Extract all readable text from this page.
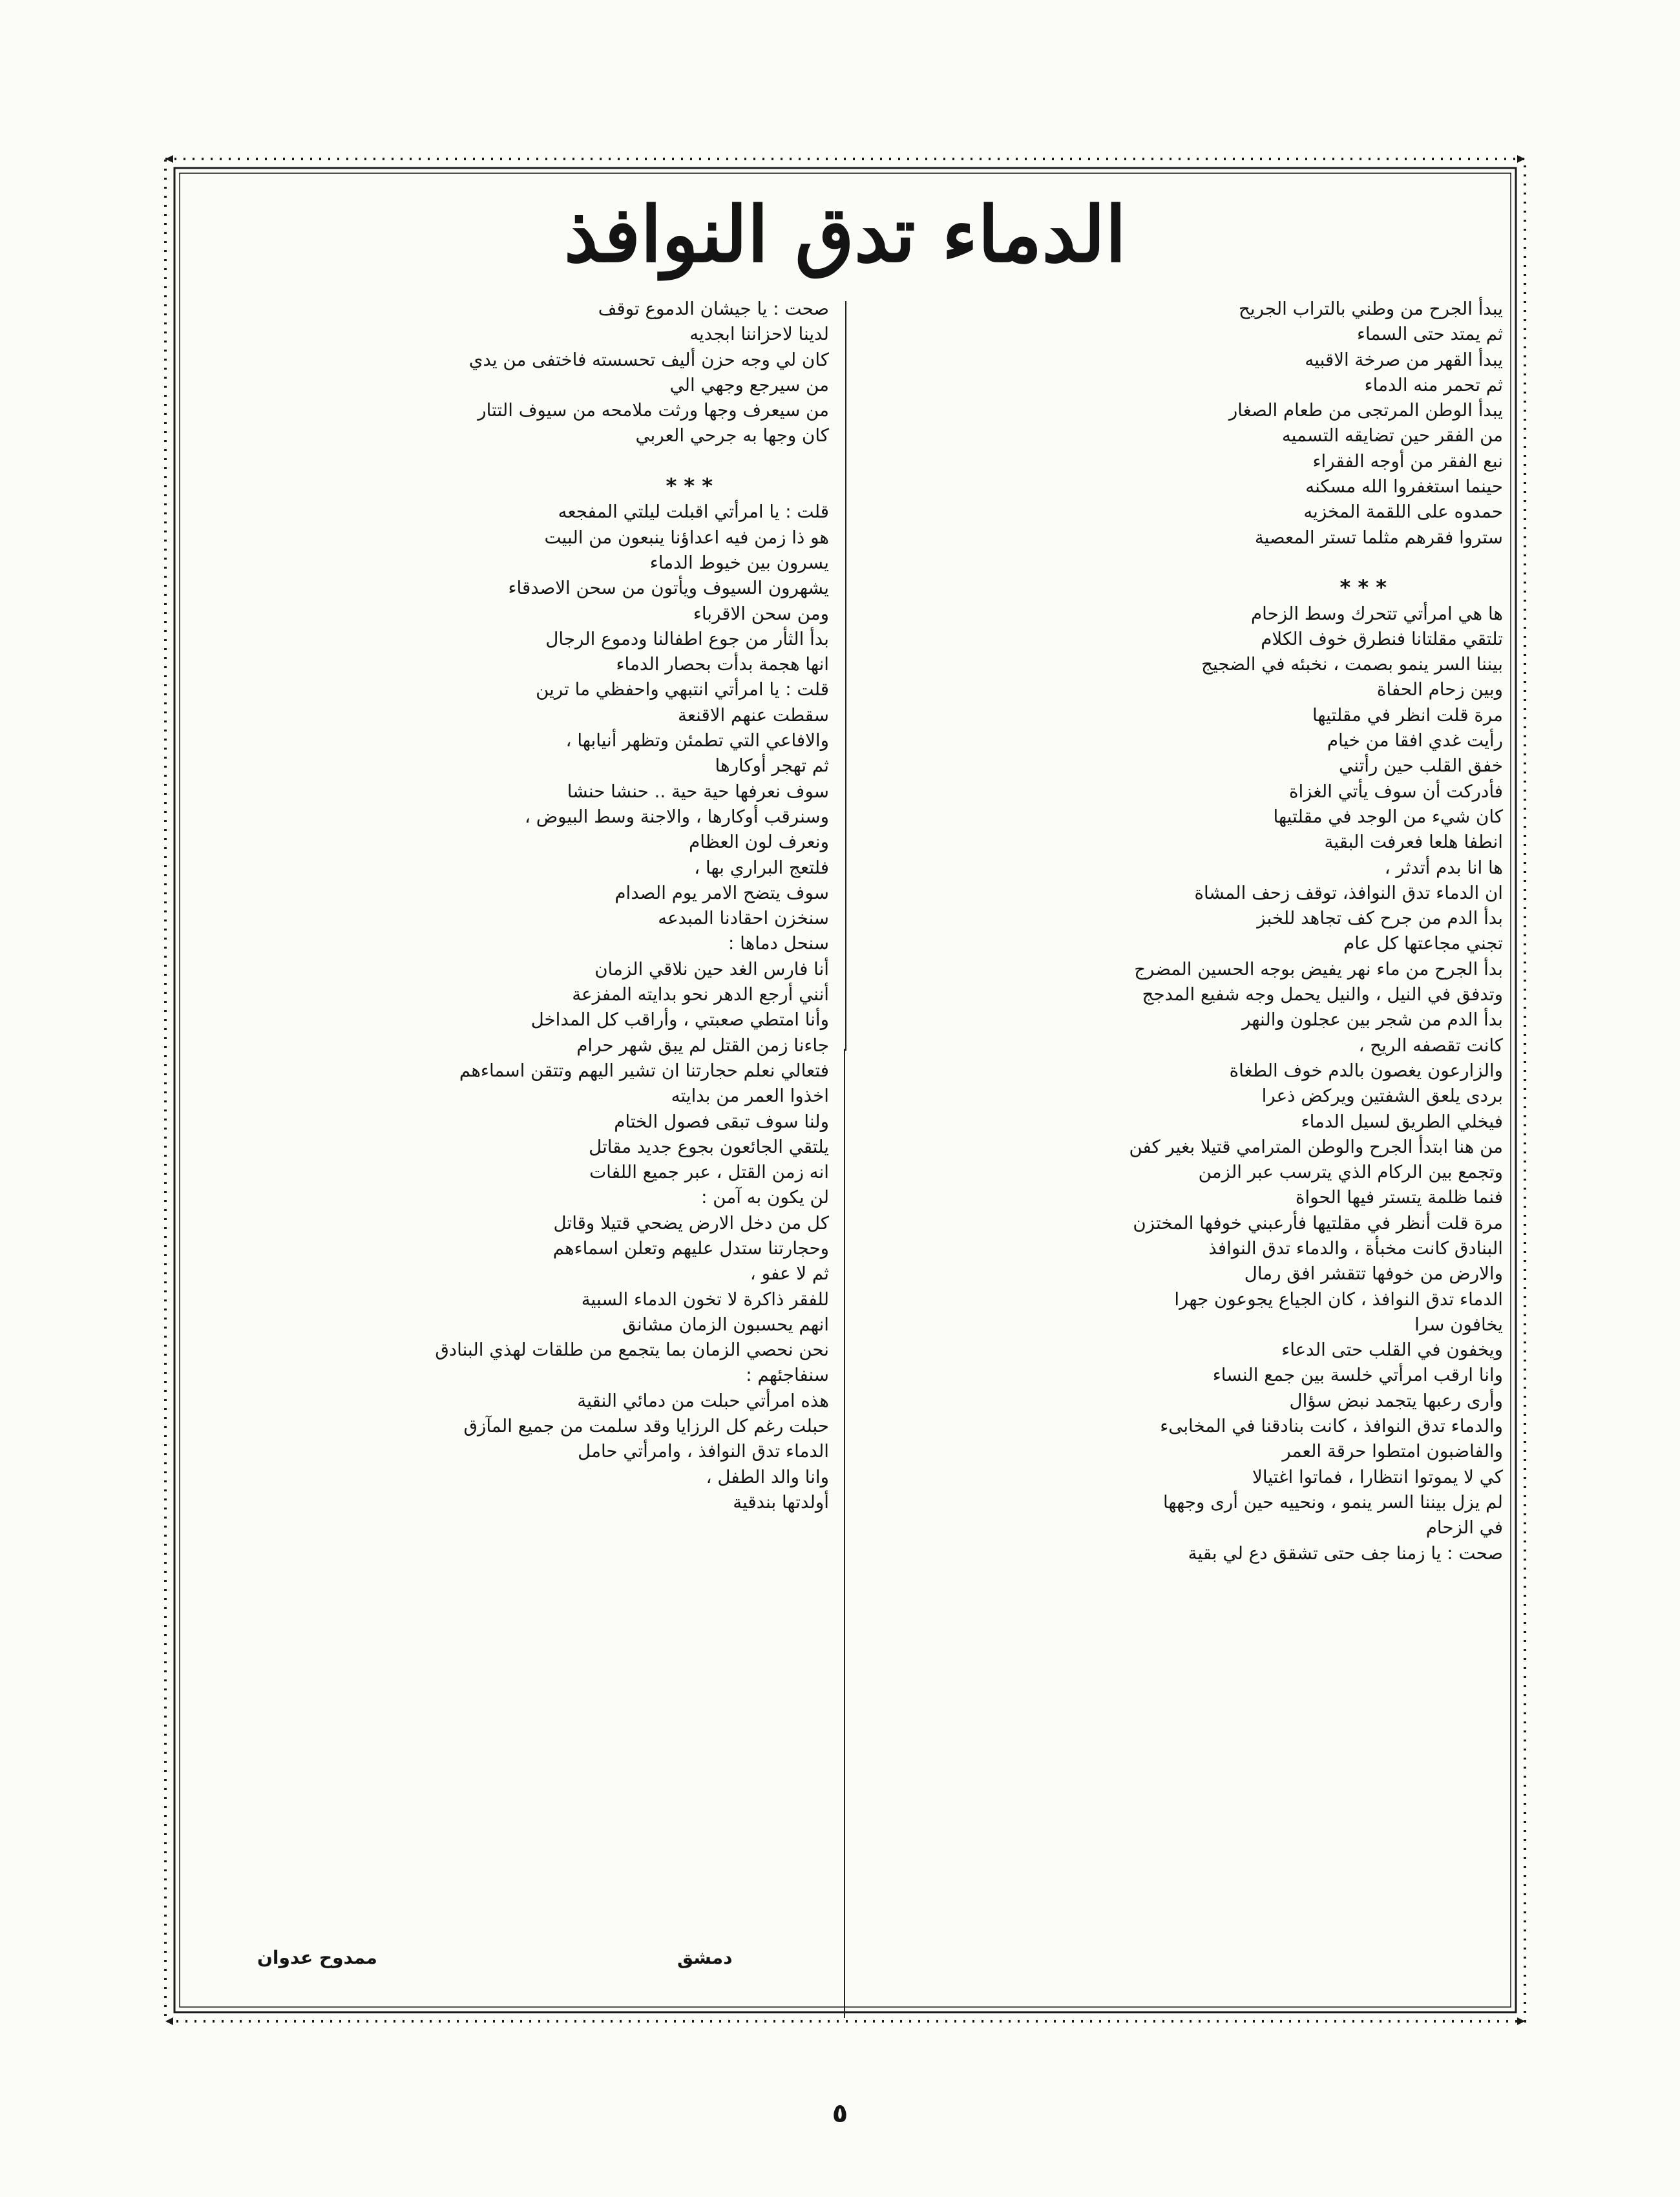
الدماء تدق النوافذ
يبدأ الجرح من وطني بالتراب الجريح
ثم يمتد حتى السماء
يبدأ القهر من صرخة الاقبيه
ثم تحمر منه الدماء
يبدأ الوطن المرتجى من طعام الصغار
من الفقر حين تضايقه التسميه
نبع الفقر من أوجه الفقراء
حينما استغفروا الله مسكنه
حمدوه على اللقمة المخزيه
ستروا فقرهم مثلما تستر المعصية
* * *
ها هي امرأتي تتحرك وسط الزحام
تلتقي مقلتانا فنطرق خوف الكلام
بيننا السر ينمو بصمت ، نخبئه في الضجيج
وبين زحام الحفاة
مرة قلت انظر في مقلتيها
رأيت غدي افقا من خيام
خفق القلب حين رأتني
فأدركت أن سوف يأتي الغزاة
كان شيء من الوجد في مقلتيها
انطفا هلعا فعرفت البقية
ها انا بدم أتدثر ،
ان الدماء تدق النوافذ، توقف زحف المشاة
بدأ الدم من جرح كف تجاهد للخبز
تجني مجاعتها كل عام
بدأ الجرح من ماء نهر يفيض بوجه الحسين المضرج
وتدفق في النيل ، والنيل يحمل وجه شفيع المدجج
بدأ الدم من شجر بين عجلون والنهر
كانت تقصفه الريح ،
والزارعون يغصون بالدم خوف الطغاة
بردى يلعق الشفتين ويركض ذعرا
فيخلي الطريق لسيل الدماء
من هنا ابتدأ الجرح والوطن المترامي قتيلا بغير كفن
وتجمع بين الركام الذي يترسب عبر الزمن
فنما ظلمة يتستر فيها الحواة
مرة قلت أنظر في مقلتيها فأرعبني خوفها المختزن
البنادق كانت مخبأة ، والدماء تدق النوافذ
والارض من خوفها تتقشر افق رمال
الدماء تدق النوافذ ، كان الجياع يجوعون جهرا
يخافون سرا
ويخفون في القلب حتى الدعاء
وانا ارقب امرأتي خلسة بين جمع النساء
وأرى رعبها يتجمد نبض سؤال
والدماء تدق النوافذ ، كانت بنادقنا في المخابىء
والفاضبون امتطوا حرقة العمر
كي لا يموتوا انتظارا ، فماتوا اغتيالا
لم يزل بيننا السر ينمو ، ونحييه حين أرى وجهها
في الزحام
صحت : يا زمنا جف حتى تشقق دع لي بقية
صحت : يا جيشان الدموع توقف
لدينا لاحزاننا ابجديه
كان لي وجه حزن أليف تحسسته فاختفى من يدي
من سيرجع وجهي الي
من سيعرف وجها ورثت ملامحه من سيوف التتار
كان وجها به جرحي العربي
* * *
قلت : يا امرأتي اقبلت ليلتي المفجعه
هو ذا زمن فيه اعداؤنا ينبعون من البيت
يسرون بين خيوط الدماء
يشهرون السيوف ويأتون من سحن الاصدقاء
ومن سحن الاقرباء
بدأ الثأر من جوع اطفالنا ودموع الرجال
انها هجمة بدأت بحصار الدماء
قلت : يا امرأتي انتبهي واحفظي ما ترين
سقطت عنهم الاقنعة
والافاعي التي تطمئن وتظهر أنيابها ،
ثم تهجر أوكارها
سوف نعرفها حية حية .. حنشا حنشا
وسنرقب أوكارها ، والاجنة وسط البيوض ،
ونعرف لون العظام
فلتعج البراري بها ،
سوف يتضح الامر يوم الصدام
سنخزن احقادنا المبدعه
سنحل دماها :
أنا فارس الغد حين نلاقي الزمان
أنني أرجع الدهر نحو بدايته المفزعة
وأنا امتطي صعبتي ، وأراقب كل المداخل
جاءنا زمن القتل لم يبق شهر حرام
فتعالي نعلم حجارتنا ان تشير اليهم وتتقن اسماءهم
اخذوا العمر من بدايته
ولنا سوف تبقى فصول الختام
يلتقي الجائعون بجوع جديد مقاتل
انه زمن القتل ، عبر جميع اللفات
لن يكون به آمن :
كل من دخل الارض يضحي قتيلا وقاتل
وحجارتنا ستدل عليهم وتعلن اسماءهم
ثم لا عفو ،
للفقر ذاكرة لا تخون الدماء السبية
انهم يحسبون الزمان مشانق
نحن نحصي الزمان بما يتجمع من طلقات لهذي البنادق
سنفاجئهم :
هذه امرأتي حبلت من دمائي النقية
حبلت رغم كل الرزايا وقد سلمت من جميع المآزق
الدماء تدق النوافذ ، وامرأتي حامل
وانا والد الطفل ،
أولدتها بندقية
دمشق
ممدوح عدوان
٥
